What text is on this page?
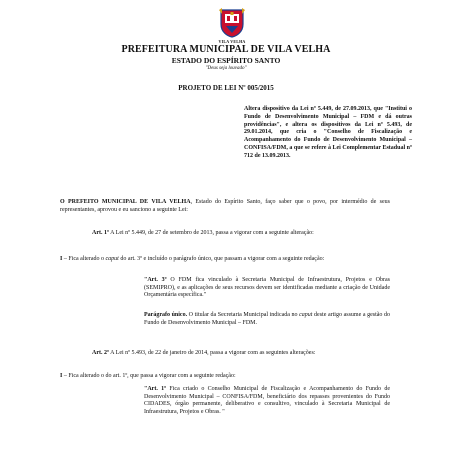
VILA VELHA
PREFEITURA MUNICIPAL DE VILA VELHA
ESTADO DO ESPÍRITO SANTO
"Deus seja louvado"
PROJETO DE LEI Nº 005/2015
Altera dispositivo da Lei nº 5.449, de 27.09.2013, que "Institui o Fundo de Desenvolvimento Municipal – FDM e dá outras providências", e altera os dispositivos da Lei nº 5.493, de 29.01.2014, que cria o "Conselho de Fiscalização e Acompanhamento do Fundo de Desenvolvimento Municipal – CONFISA/FDM, a que se refere à Lei Complementar Estadual nº 712 de 13.09.2013.
O PREFEITO MUNICIPAL DE VILA VELHA, Estado do Espírito Santo, faço saber que o povo, por intermédio de seus representantes, aprovou e eu sanciono a seguinte Lei:
Art. 1º A Lei nº 5.449, de 27 de setembro de 2013, passa a vigorar com a seguinte alteração:
I – Fica alterado o caput do art. 3º e incluído o parágrafo único, que passam a vigorar com a seguinte redação:
"Art. 3º O FDM fica vinculado à Secretaria Municipal de Infraestrutura, Projetos e Obras (SEMIPRO), e as aplicações de seus recursos devem ser identificadas mediante a criação de Unidade Orçamentária específica."
Parágrafo único. O titular da Secretaria Municipal indicada no caput deste artigo assume a gestão do Fundo de Desenvolvimento Municipal – FDM.
Art. 2º A Lei nº 5.493, de 22 de janeiro de 2014, passa a vigorar com as seguintes alterações:
I – Fica alterado o do art. 1º, que passa a vigorar com a seguinte redação:
"Art. 1º Fica criado o Conselho Municipal de Fiscalização e Acompanhamento do Fundo de Desenvolvimento Municipal – CONFISA/FDM, beneficiário dos repasses provenientes do Fundo CIDADES, órgão permanente, deliberativo e consultivo, vinculado à Secretaria Municipal de Infraestrutura, Projetos e Obras. "
